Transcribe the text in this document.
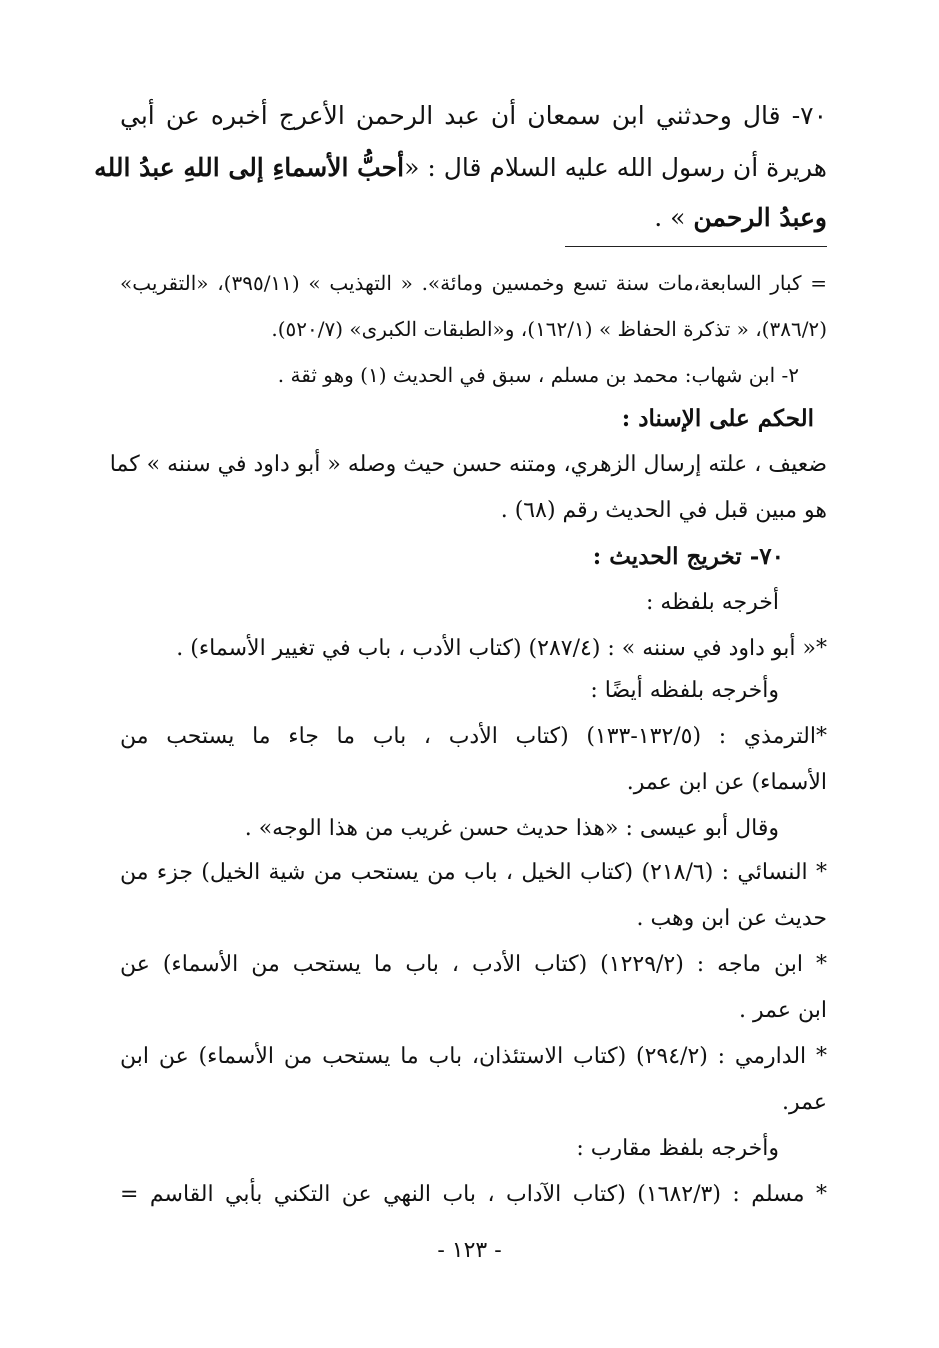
٧٠- قال وحدثني ابن سمعان أن عبد الرحمن الأعرج أخبره عن أبي
هريرة أن رسول الله عليه السلام قال : «أحبُّ الأسماءِ إلى اللهِ عبدُ الله
وعبدُ الرحمن » .
= كبار السابعة،مات سنة تسع وخمسين ومائة». « التهذيب » (٣٩٥/١١)، «التقريب»
(٣٨٦/٢)، « تذكرة الحفاظ » (١٦٢/١)، و«الطبقات الكبرى» (٥٢٠/٧).
٢- ابن شهاب: محمد بن مسلم ، سبق في الحديث (١) وهو ثقة .
الحكم على الإسناد :
ضعيف ، علته إرسال الزهري، ومتنه حسن حيث وصله « أبو داود في سننه » كما
هو مبين قبل في الحديث رقم (٦٨) .
٧٠- تخريج الحديث :
أخرجه بلفظه :
*« أبو داود في سننه » : (٢٨٧/٤) (كتاب الأدب ، باب في تغيير الأسماء) .
وأخرجه بلفظه أيضًا :
*الترمذي : (١٣٢/٥-١٣٣) (كتاب الأدب ، باب ما جاء ما يستحب من
الأسماء) عن ابن عمر.
وقال أبو عيسى : «هذا حديث حسن غريب من هذا الوجه» .
* النسائي : (٢١٨/٦) (كتاب الخيل ، باب من يستحب من شية الخيل) جزء من
حديث عن ابن وهب .
* ابن ماجه : (١٢٢٩/٢) (كتاب الأدب ، باب ما يستحب من الأسماء) عن
ابن عمر .
* الدارمي : (٢٩٤/٢) (كتاب الاستئذان، باب ما يستحب من الأسماء) عن ابن
عمر.
وأخرجه بلفظ مقارب :
* مسلم : (١٦٨٢/٣) (كتاب الآداب ، باب النهي عن التكني بأبي القاسم =
- ١٢٣ -
